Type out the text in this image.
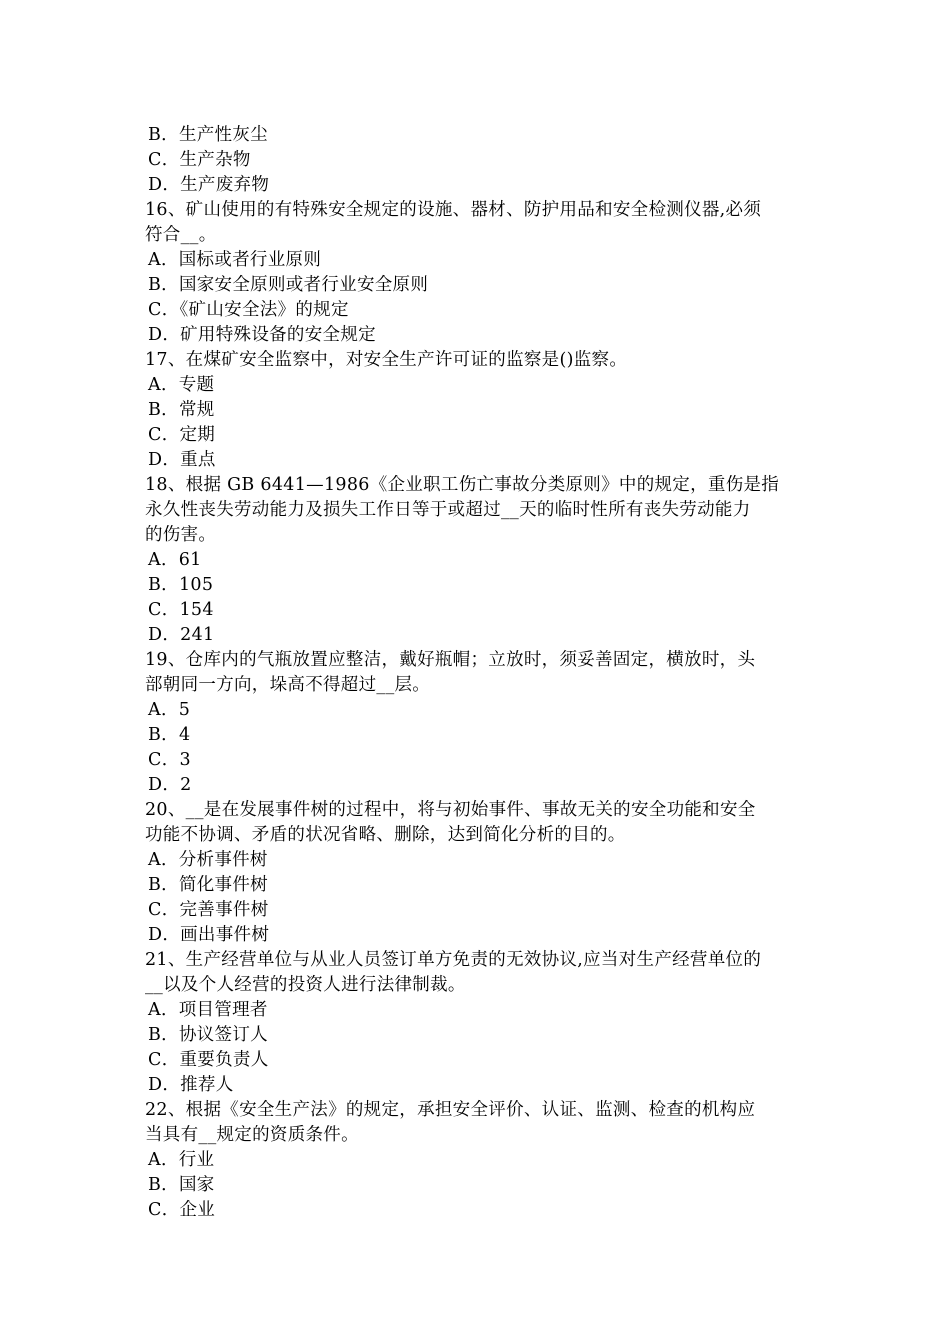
B．生产性灰尘
C．生产杂物
D．生产废弃物
16、矿山使用的有特殊安全规定的设施、器材、防护用品和安全检测仪器,必须
符合__。
A．国标或者行业原则
B．国家安全原则或者行业安全原则
C．《矿山安全法》的规定
D．矿用特殊设备的安全规定
17、在煤矿安全监察中，对安全生产许可证的监察是()监察。
A．专题
B．常规
C．定期
D．重点
18、根据 GB 6441—1986《企业职工伤亡事故分类原则》中的规定，重伤是指
永久性丧失劳动能力及损失工作日等于或超过__天的临时性所有丧失劳动能力
的伤害。
A．61
B．105
C．154
D．241
19、仓库内的气瓶放置应整洁，戴好瓶帽；立放时，须妥善固定，横放时，头
部朝同一方向，垛高不得超过__层。
A．5
B．4
C．3
D．2
20、__是在发展事件树的过程中，将与初始事件、事故无关的安全功能和安全
功能不协调、矛盾的状况省略、删除，达到简化分析的目的。
A．分析事件树
B．简化事件树
C．完善事件树
D．画出事件树
21、生产经营单位与从业人员签订单方免责的无效协议,应当对生产经营单位的
__以及个人经营的投资人进行法律制裁。
A．项目管理者
B．协议签订人
C．重要负责人
D．推荐人
22、根据《安全生产法》的规定，承担安全评价、认证、监测、检查的机构应
当具有__规定的资质条件。
A．行业
B．国家
C．企业
